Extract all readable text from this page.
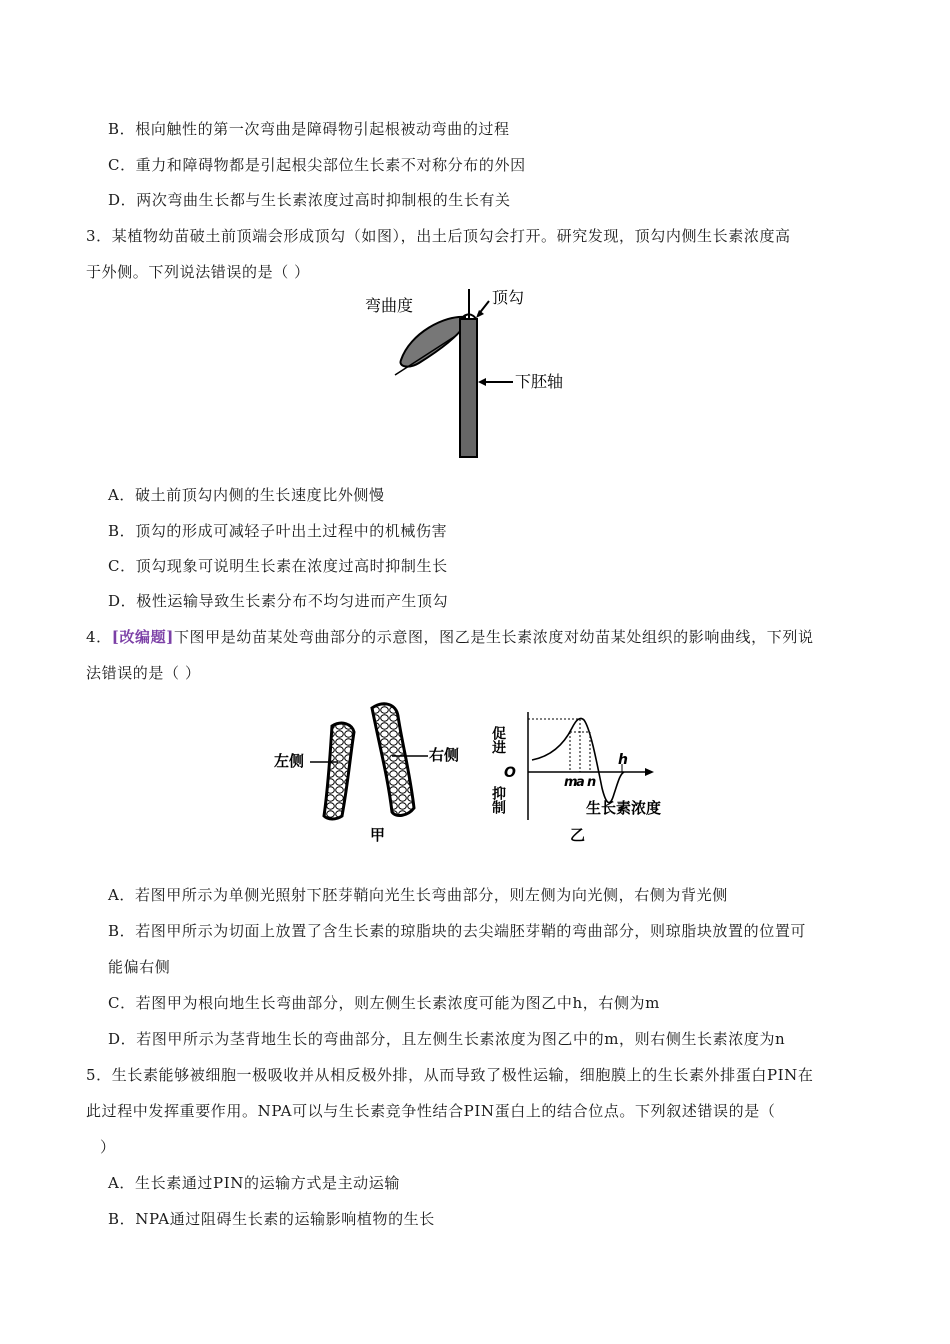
B．根向触性的第一次弯曲是障碍物引起根被动弯曲的过程
C．重力和障碍物都是引起根尖部位生长素不对称分布的外因
D．两次弯曲生长都与生长素浓度过高时抑制根的生长有关
3．某植物幼苗破土前顶端会形成顶勾（如图），出土后顶勾会打开。研究发现，顶勾内侧生长素浓度高
于外侧。下列说法错误的是（ ）
弯曲度	顶勾
下胚轴
A．破土前顶勾内侧的生长速度比外侧慢
B．顶勾的形成可减轻子叶出土过程中的机械伤害
C．顶勾现象可说明生长素在浓度过高时抑制生长
D．极性运输导致生长素分布不均匀进而产生顶勾
4．[改编题]下图甲是幼苗某处弯曲部分的示意图，图乙是生长素浓度对幼苗某处组织的影响曲线，下列说
法错误的是（ ）
左侧	右侧
甲
促进
O
抑制
m
a n
h
生长素浓度
乙
A．若图甲所示为单侧光照射下胚芽鞘向光生长弯曲部分，则左侧为向光侧，右侧为背光侧
B．若图甲所示为切面上放置了含生长素的琼脂块的去尖端胚芽鞘的弯曲部分，则琼脂块放置的位置可
能偏右侧
C．若图甲为根向地生长弯曲部分，则左侧生长素浓度可能为图乙中h，右侧为m
D．若图甲所示为茎背地生长的弯曲部分，且左侧生长素浓度为图乙中的m，则右侧生长素浓度为n
5．生长素能够被细胞一极吸收并从相反极外排，从而导致了极性运输，细胞膜上的生长素外排蛋白PIN在
此过程中发挥重要作用。NPA可以与生长素竞争性结合PIN蛋白上的结合位点。下列叙述错误的是（
）
A．生长素通过PIN的运输方式是主动运输
B．NPA通过阻碍生长素的运输影响植物的生长
